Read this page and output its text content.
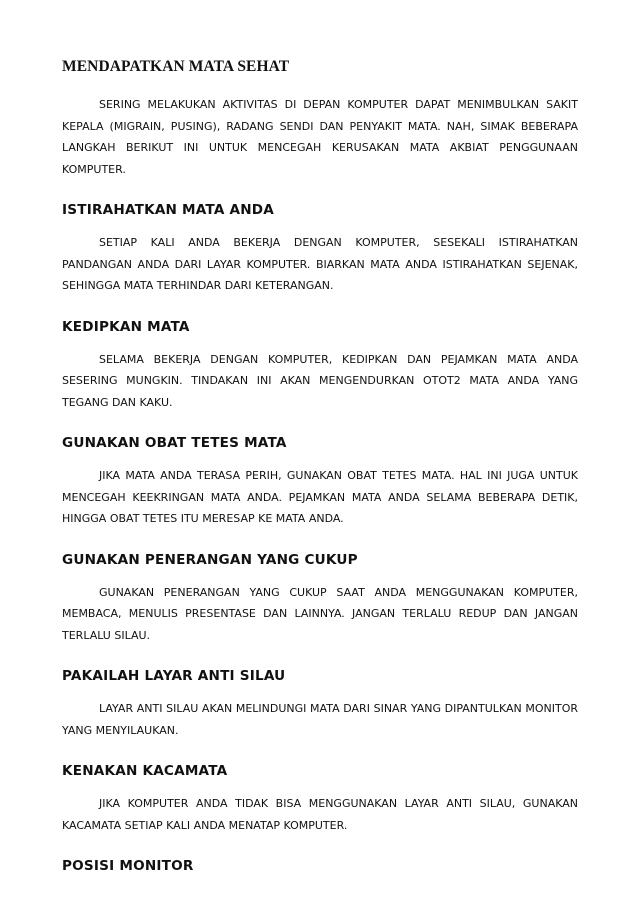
MENDAPATKAN MATA SEHAT

SERING MELAKUKAN AKTIVITAS DI DEPAN KOMPUTER DAPAT MENIMBULKAN SAKIT KEPALA (MIGRAIN, PUSING), RADANG SENDI DAN PENYAKIT MATA. NAH, SIMAK BEBERAPA LANGKAH BERIKUT INI UNTUK MENCEGAH KERUSAKAN MATA AKBIAT PENGGUNAAN KOMPUTER.

ISTIRAHATKAN MATA ANDA

SETIAP KALI ANDA BEKERJA DENGAN KOMPUTER, SESEKALI ISTIRAHATKAN PANDANGAN ANDA DARI LAYAR KOMPUTER. BIARKAN MATA ANDA ISTIRAHATKAN SEJENAK, SEHINGGA MATA TERHINDAR DARI KETERANGAN.

KEDIPKAN MATA

SELAMA BEKERJA DENGAN KOMPUTER, KEDIPKAN DAN PEJAMKAN MATA ANDA SESERING MUNGKIN. TINDAKAN INI AKAN MENGENDURKAN OTOT2 MATA ANDA YANG TEGANG DAN KAKU.

GUNAKAN OBAT TETES MATA

JIKA MATA ANDA TERASA PERIH, GUNAKAN OBAT TETES MATA. HAL INI JUGA UNTUK MENCEGAH KEEKRINGAN MATA ANDA. PEJAMKAN MATA ANDA SELAMA BEBERAPA DETIK, HINGGA OBAT TETES ITU MERESAP KE MATA ANDA.

GUNAKAN PENERANGAN YANG CUKUP

GUNAKAN PENERANGAN YANG CUKUP SAAT ANDA MENGGUNAKAN KOMPUTER, MEMBACA, MENULIS PRESENTASE DAN LAINNYA. JANGAN TERLALU REDUP DAN JANGAN TERLALU SILAU.

PAKAILAH LAYAR ANTI SILAU

LAYAR ANTI SILAU AKAN MELINDUNGI MATA DARI SINAR YANG DIPANTULKAN MONITOR YANG MENYILAUKAN.

KENAKAN KACAMATA

JIKA KOMPUTER ANDA TIDAK BISA MENGGUNAKAN LAYAR ANTI SILAU, GUNAKAN KACAMATA SETIAP KALI ANDA MENATAP KOMPUTER.

POSISI MONITOR
